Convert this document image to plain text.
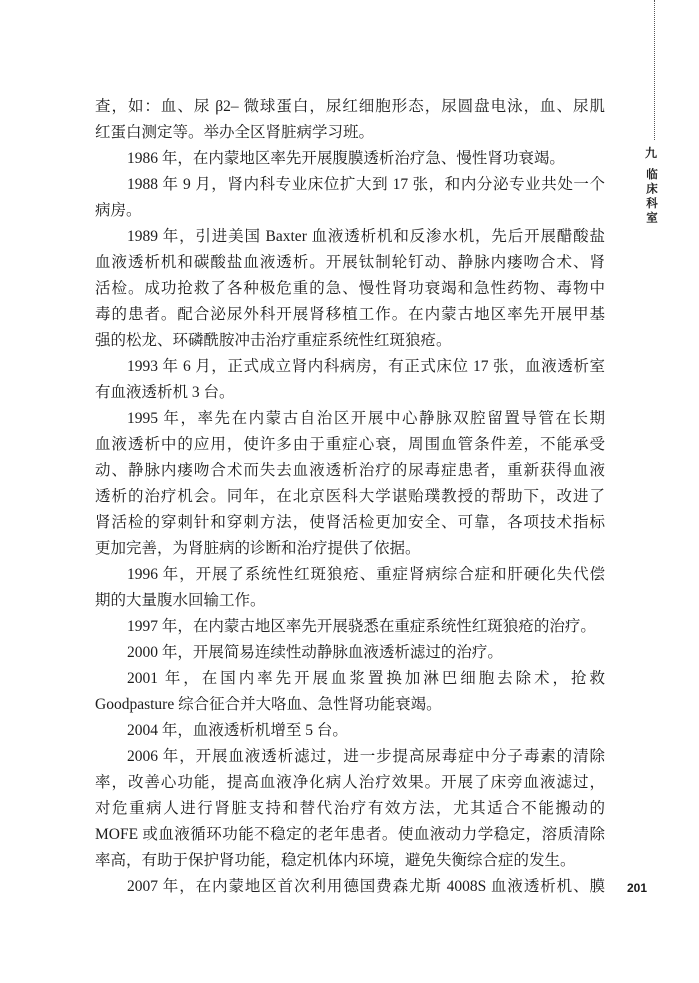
九
临床科室
查，如：血、尿 β2– 微球蛋白，尿红细胞形态，尿圆盘电泳，血、尿肌
红蛋白测定等。举办全区肾脏病学习班。
1986 年，在内蒙地区率先开展腹膜透析治疗急、慢性肾功衰竭。
1988 年 9 月，肾内科专业床位扩大到 17 张，和内分泌专业共处一个
病房。
1989 年，引进美国 Baxter 血液透析机和反渗水机，先后开展醋酸盐
血液透析机和碳酸盐血液透析。开展钛制轮钉动、静脉内瘘吻合术、肾
活检。成功抢救了各种极危重的急、慢性肾功衰竭和急性药物、毒物中
毒的患者。配合泌尿外科开展肾移植工作。在内蒙古地区率先开展甲基
强的松龙、环磷酰胺冲击治疗重症系统性红斑狼疮。
1993 年 6 月，正式成立肾内科病房，有正式床位 17 张，血液透析室
有血液透析机 3 台。
1995 年，率先在内蒙古自治区开展中心静脉双腔留置导管在长期
血液透析中的应用，使许多由于重症心衰，周围血管条件差，不能承受
动、静脉内瘘吻合术而失去血液透析治疗的尿毒症患者，重新获得血液
透析的治疗机会。同年，在北京医科大学谌贻璞教授的帮助下，改进了
肾活检的穿刺针和穿刺方法，使肾活检更加安全、可靠，各项技术指标
更加完善，为肾脏病的诊断和治疗提供了依据。
1996 年，开展了系统性红斑狼疮、重症肾病综合症和肝硬化失代偿
期的大量腹水回输工作。
1997 年，在内蒙古地区率先开展骁悉在重症系统性红斑狼疮的治疗。
2000 年，开展简易连续性动静脉血液透析滤过的治疗。
2001 年，在国内率先开展血浆置换加淋巴细胞去除术，抢救
Goodpasture 综合征合并大咯血、急性肾功能衰竭。
2004 年，血液透析机增至 5 台。
2006 年，开展血液透析滤过，进一步提高尿毒症中分子毒素的清除
率，改善心功能，提高血液净化病人治疗效果。开展了床旁血液滤过，
对危重病人进行肾脏支持和替代治疗有效方法，尤其适合不能搬动的
MOFE 或血液循环功能不稳定的老年患者。使血液动力学稳定，溶质清除
率高，有助于保护肾功能，稳定机体内环境，避免失衡综合症的发生。
2007 年，在内蒙地区首次利用德国费森尤斯 4008S 血液透析机、膜 201
